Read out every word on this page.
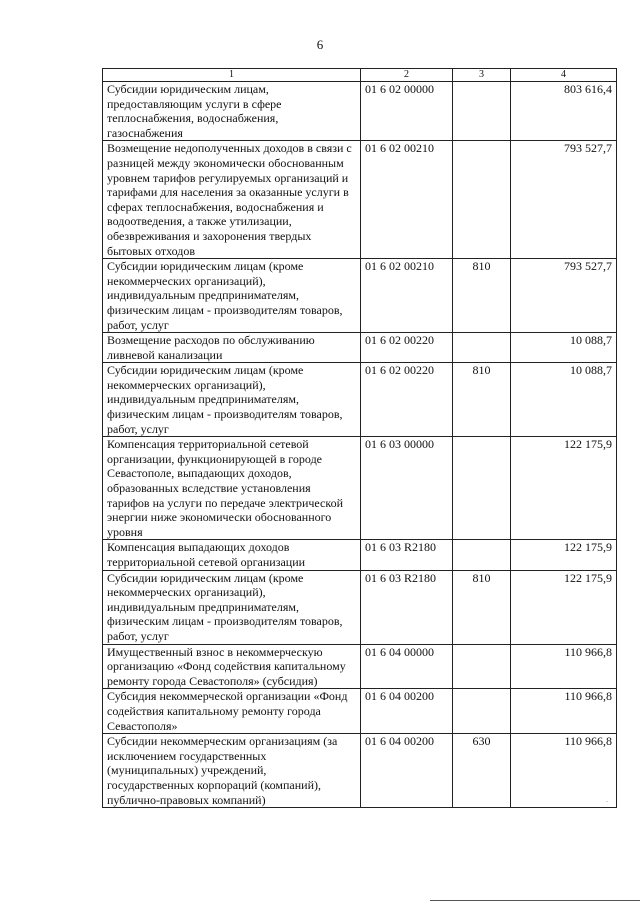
6
1	2	3	4
Субсидии юридическим лицам, предоставляющим услуги в сфере теплоснабжения, водоснабжения, газоснабжения	01 6 02 00000		803 616,4
Возмещение недополученных доходов в связи с разницей между экономически обоснованным уровнем тарифов регулируемых организаций и тарифами для населения за оказанные услуги в сферах теплоснабжения, водоснабжения и водоотведения, а также утилизации, обезвреживания и захоронения твердых бытовых отходов	01 6 02 00210		793 527,7
Субсидии юридическим лицам (кроме некоммерческих организаций), индивидуальным предпринимателям, физическим лицам - производителям товаров, работ, услуг	01 6 02 00210	810	793 527,7
Возмещение расходов по обслуживанию ливневой канализации	01 6 02 00220		10 088,7
Субсидии юридическим лицам (кроме некоммерческих организаций), индивидуальным предпринимателям, физическим лицам - производителям товаров, работ, услуг	01 6 02 00220	810	10 088,7
Компенсация территориальной сетевой организации, функционирующей в городе Севастополе, выпадающих доходов, образованных вследствие установления тарифов на услуги по передаче электрической энергии ниже экономически обоснованного уровня	01 6 03 00000		122 175,9
Компенсация выпадающих доходов территориальной сетевой организации	01 6 03 R2180		122 175,9
Субсидии юридическим лицам (кроме некоммерческих организаций), индивидуальным предпринимателям, физическим лицам - производителям товаров, работ, услуг	01 6 03 R2180	810	122 175,9
Имущественный взнос в некоммерческую организацию «Фонд содействия капитальному ремонту города Севастополя» (субсидия)	01 6 04 00000		110 966,8
Субсидия некоммерческой организации «Фонд содействия капитальному ремонту города Севастополя»	01 6 04 00200		110 966,8
Субсидии некоммерческим организациям (за исключением государственных (муниципальных) учреждений, государственных корпораций (компаний), публично-правовых компаний)	01 6 04 00200	630	110 966,8
.
